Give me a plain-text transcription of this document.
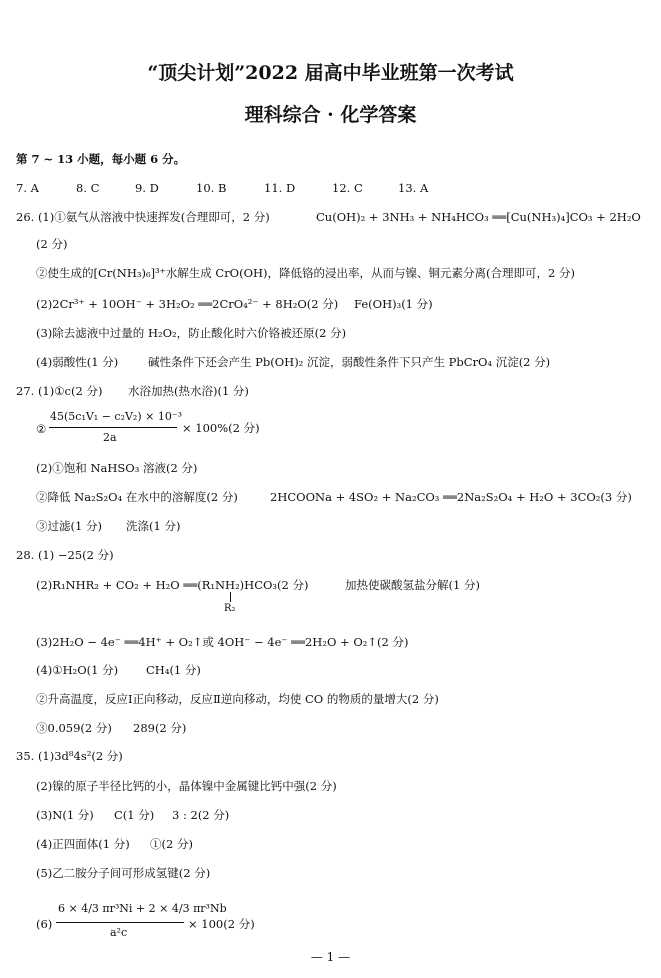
“顶尖计划”2022 届高中毕业班第一次考试
理科综合 · 化学答案
第 7 ~ 13 小题，每小题 6 分。
7. A	8. C	9. D	10. B	11. D	12. C	13. A
26. (1)①氨气从溶液中快速挥发(合理即可，2 分)	Cu(OH)₂ + 3NH₃ + NH₄HCO₃ ══[Cu(NH₃)₄]CO₃ + 2H₂O
(2 分)
②使生成的[Cr(NH₃)₆]³⁺水解生成 CrO(OH)，降低铬的浸出率，从而与镍、铜元素分离(合理即可，2 分)
(2)2Cr³⁺ + 10OH⁻ + 3H₂O₂ ══2CrO₄²⁻ + 8H₂O(2 分) Fe(OH)₃(1 分)
(3)除去滤液中过量的 H₂O₂，防止酸化时六价铬被还原(2 分)
(4)弱酸性(1 分)	碱性条件下还会产生 Pb(OH)₂ 沉淀，弱酸性条件下只产生 PbCrO₄ 沉淀(2 分)
27. (1)①c(2 分) 水浴加热(热水浴)(1 分)
②
45(5c₁V₁ − c₂V₂) × 10⁻³
2a
× 100%(2 分)
(2)①饱和 NaHSO₃ 溶液(2 分)
②降低 Na₂S₂O₄ 在水中的溶解度(2 分)	2HCOONa + 4SO₂ + Na₂CO₃ ══2Na₂S₂O₄ + H₂O + 3CO₂(3 分)
③过滤(1 分) 洗涤(1 分)
28. (1) −25(2 分)
(2)R₁NHR₂ + CO₂ + H₂O ══(R₁NH₂)HCO₃(2 分)
R₂
加热使碳酸氢盐分解(1 分)
(3)2H₂O − 4e⁻ ══4H⁺ + O₂↑或 4OH⁻ − 4e⁻ ══2H₂O + O₂↑(2 分)
(4)①H₂O(1 分) CH₄(1 分)
②升高温度，反应Ⅰ正向移动，反应Ⅱ逆向移动，均使 CO 的物质的量增大(2 分)
③0.059(2 分) 289(2 分)
35. (1)3d⁸4s²(2 分)
(2)镍的原子半径比钙的小，晶体镍中金属键比钙中强(2 分)
(3)N(1 分) C(1 分) 3 : 2(2 分)
(4)正四面体(1 分) ①(2 分)
(5)乙二胺分子间可形成氢键(2 分)
(6)
6 × 4/3 πr³Ni + 2 × 4/3 πr³Nb
a²c
× 100(2 分)
— 1 —
